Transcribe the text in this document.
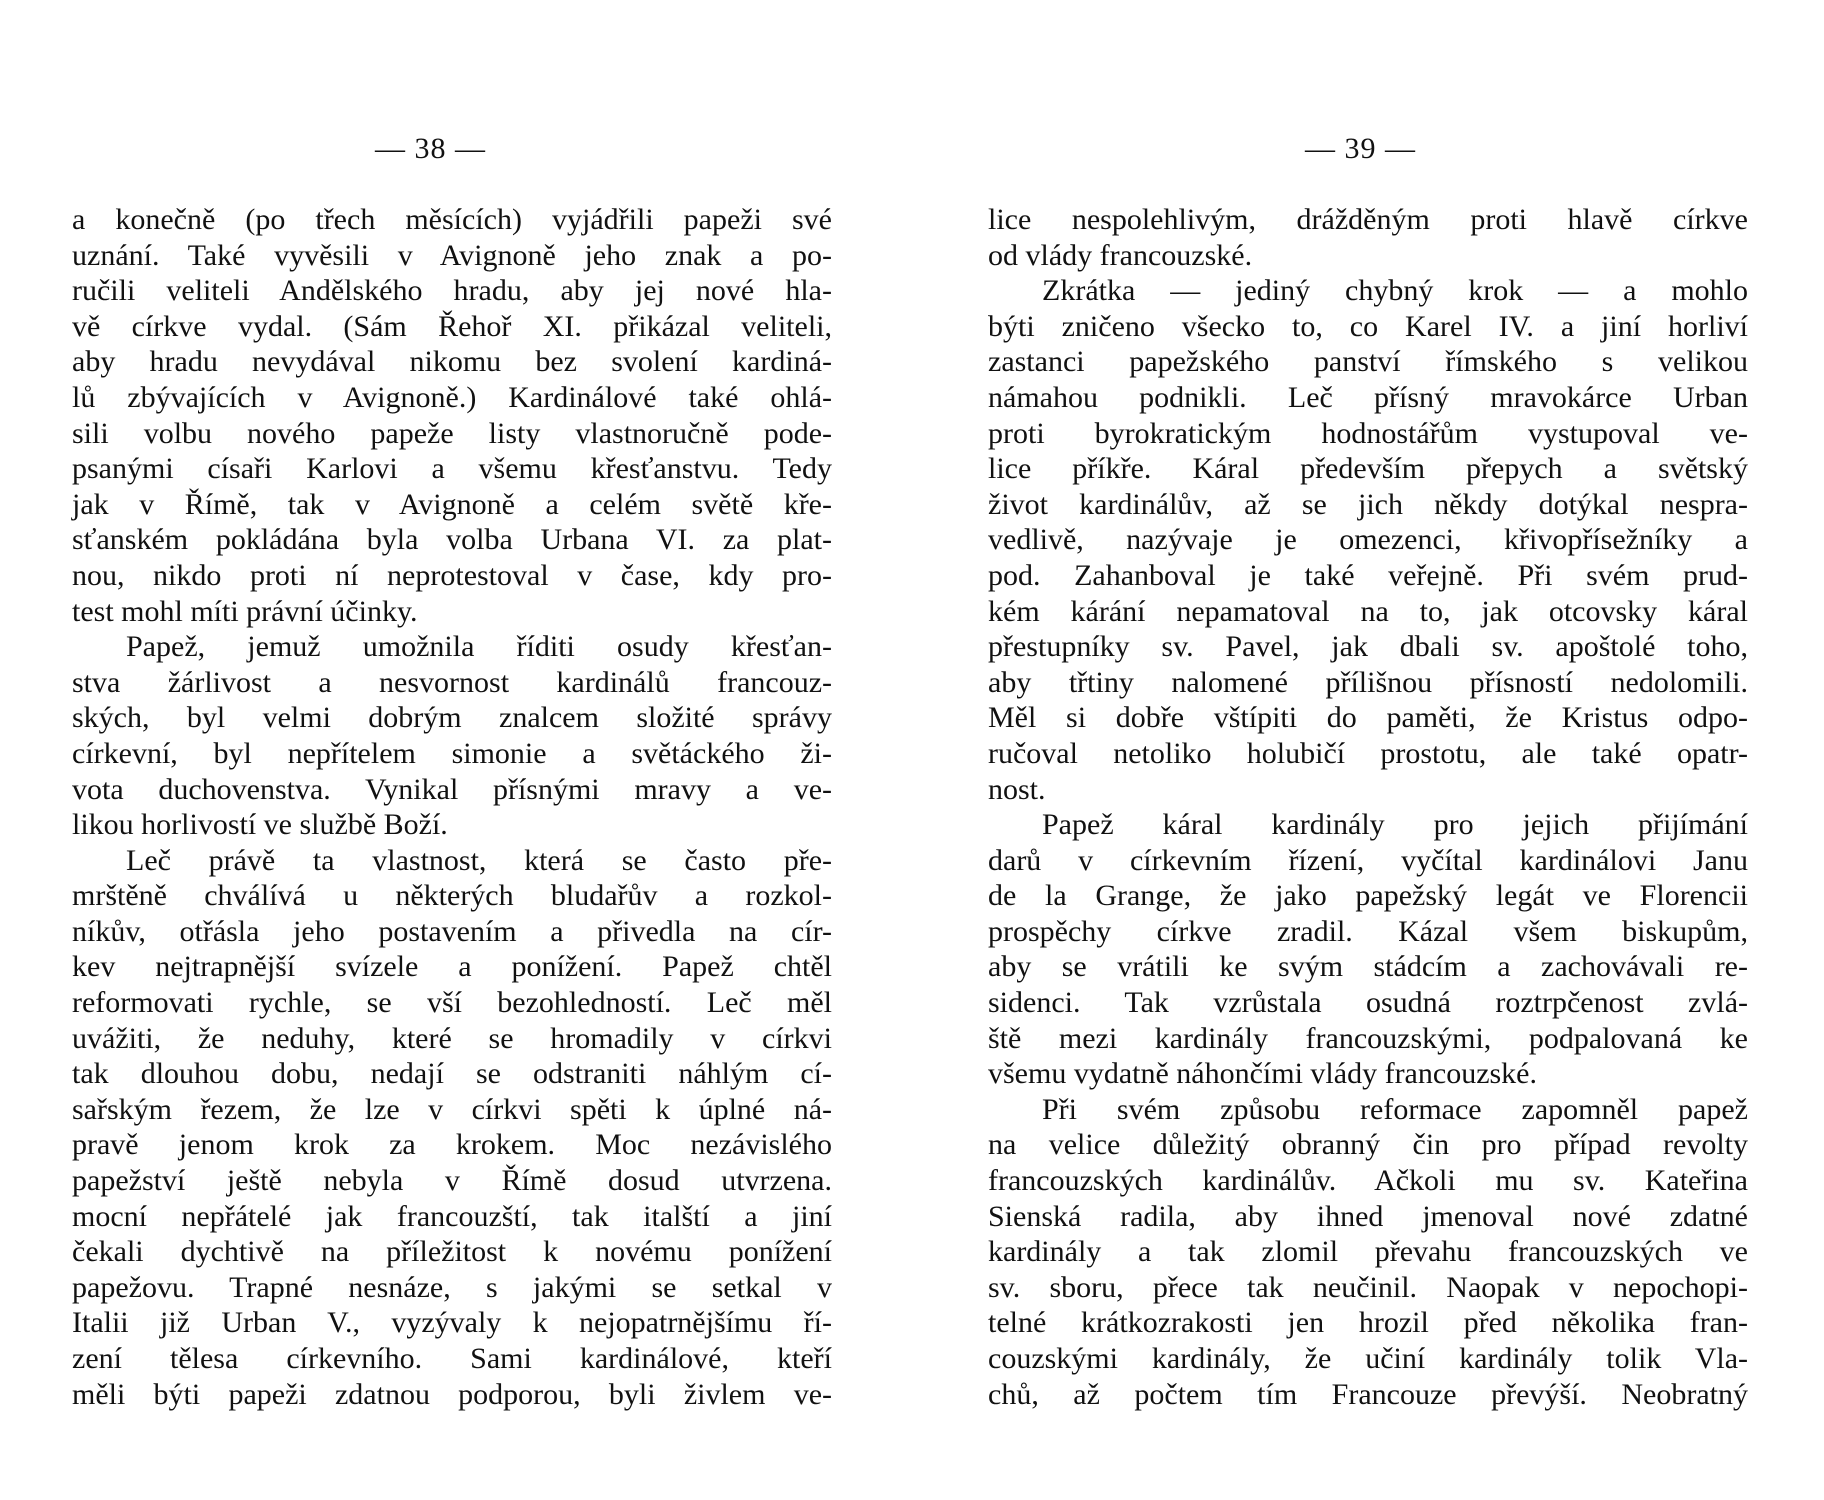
— 38 —
a konečně (po třech měsících) vyjádřili papeži své
uznání. Také vyvěsili v Avignoně jeho znak a po-
ručili veliteli Andělského hradu, aby jej nové hla-
vě církve vydal. (Sám Řehoř XI. přikázal veliteli,
aby hradu nevydával nikomu bez svolení kardiná-
lů zbývajících v Avignoně.) Kardinálové také ohlá-
sili volbu nového papeže listy vlastnoručně pode-
psanými císaři Karlovi a všemu křesťanstvu. Tedy
jak v Římě, tak v Avignoně a celém světě kře-
sťanském pokládána byla volba Urbana VI. za plat-
nou, nikdo proti ní neprotestoval v čase, kdy pro-
test mohl míti právní účinky.
Papež, jemuž umožnila říditi osudy křesťan-
stva žárlivost a nesvornost kardinálů francouz-
ských, byl velmi dobrým znalcem složité správy
církevní, byl nepřítelem simonie a světáckého ži-
vota duchovenstva. Vynikal přísnými mravy a ve-
likou horlivostí ve službě Boží.
Leč právě ta vlastnost, která se často pře-
mrštěně chválívá u některých bludařův a rozkol-
níkův, otřásla jeho postavením a přivedla na cír-
kev nejtrapnější svízele a ponížení. Papež chtěl
reformovati rychle, se vší bezohledností. Leč měl
uvážiti, že neduhy, které se hromadily v církvi
tak dlouhou dobu, nedají se odstraniti náhlým cí-
sařským řezem, že lze v církvi spěti k úplné ná-
pravě jenom krok za krokem. Moc nezávislého
papežství ještě nebyla v Římě dosud utvrzena.
mocní nepřátelé jak francouzští, tak italští a jiní
čekali dychtivě na příležitost k novému ponížení
papežovu. Trapné nesnáze, s jakými se setkal v
Italii již Urban V., vyzývaly k nejopatrnějšímu ří-
zení tělesa církevního. Sami kardinálové, kteří
měli býti papeži zdatnou podporou, byli živlem ve-
— 39 —
lice nespolehlivým, drážděným proti hlavě církve
od vlády francouzské.
Zkrátka — jediný chybný krok — a mohlo
býti zničeno všecko to, co Karel IV. a jiní horliví
zastanci papežského panství římského s velikou
námahou podnikli. Leč přísný mravokárce Urban
proti byrokratickým hodnostářům vystupoval ve-
lice příkře. Káral především přepych a světský
život kardinálův, až se jich někdy dotýkal nespra-
vedlivě, nazývaje je omezenci, křivopřísežníky a
pod. Zahanboval je také veřejně. Při svém prud-
kém kárání nepamatoval na to, jak otcovsky káral
přestupníky sv. Pavel, jak dbali sv. apoštolé toho,
aby třtiny nalomené přílišnou přísností nedolomili.
Měl si dobře vštípiti do paměti, že Kristus odpo-
ručoval netoliko holubičí prostotu, ale také opatr-
nost.
Papež káral kardinály pro jejich přijímání
darů v církevním řízení, vyčítal kardinálovi Janu
de la Grange, že jako papežský legát ve Florencii
prospěchy církve zradil. Kázal všem biskupům,
aby se vrátili ke svým stádcím a zachovávali re-
sidenci. Tak vzrůstala osudná roztrpčenost zvlá-
ště mezi kardinály francouzskými, podpalovaná ke
všemu vydatně náhončími vlády francouzské.
Při svém způsobu reformace zapomněl papež
na velice důležitý obranný čin pro případ revolty
francouzských kardinálův. Ačkoli mu sv. Kateřina
Sienská radila, aby ihned jmenoval nové zdatné
kardinály a tak zlomil převahu francouzských ve
sv. sboru, přece tak neučinil. Naopak v nepochopi-
telné krátkozrakosti jen hrozil před několika fran-
couzskými kardinály, že učiní kardinály tolik Vla-
chů, až počtem tím Francouze převýší. Neobratný
